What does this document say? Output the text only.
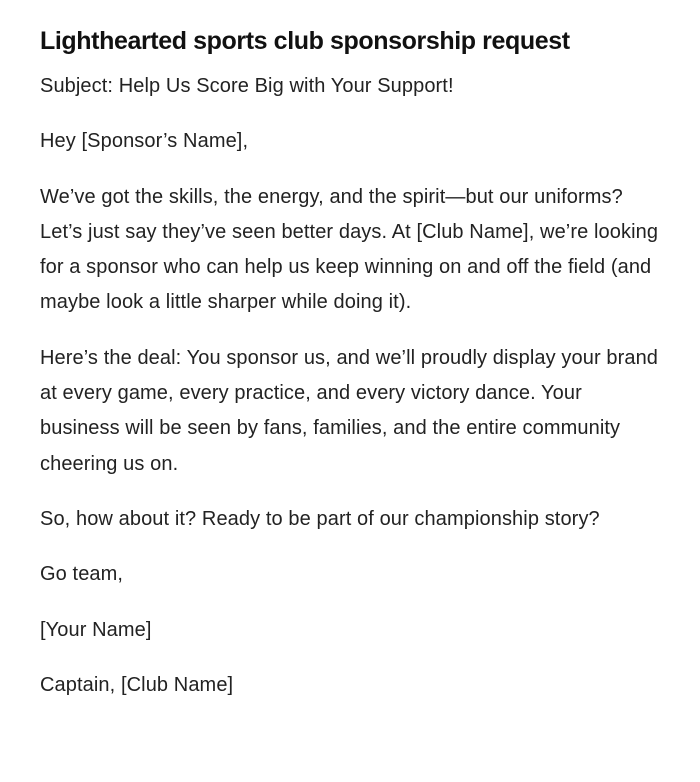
Lighthearted sports club sponsorship request

Subject: Help Us Score Big with Your Support!

Hey [Sponsor’s Name],

We’ve got the skills, the energy, and the spirit—but our uniforms? Let’s just say they’ve seen better days. At [Club Name], we’re looking for a sponsor who can help us keep winning on and off the field (and maybe look a little sharper while doing it).

Here’s the deal: You sponsor us, and we’ll proudly display your brand at every game, every practice, and every victory dance. Your business will be seen by fans, families, and the entire community cheering us on.

So, how about it? Ready to be part of our championship story?

Go team,

[Your Name]

Captain, [Club Name]
